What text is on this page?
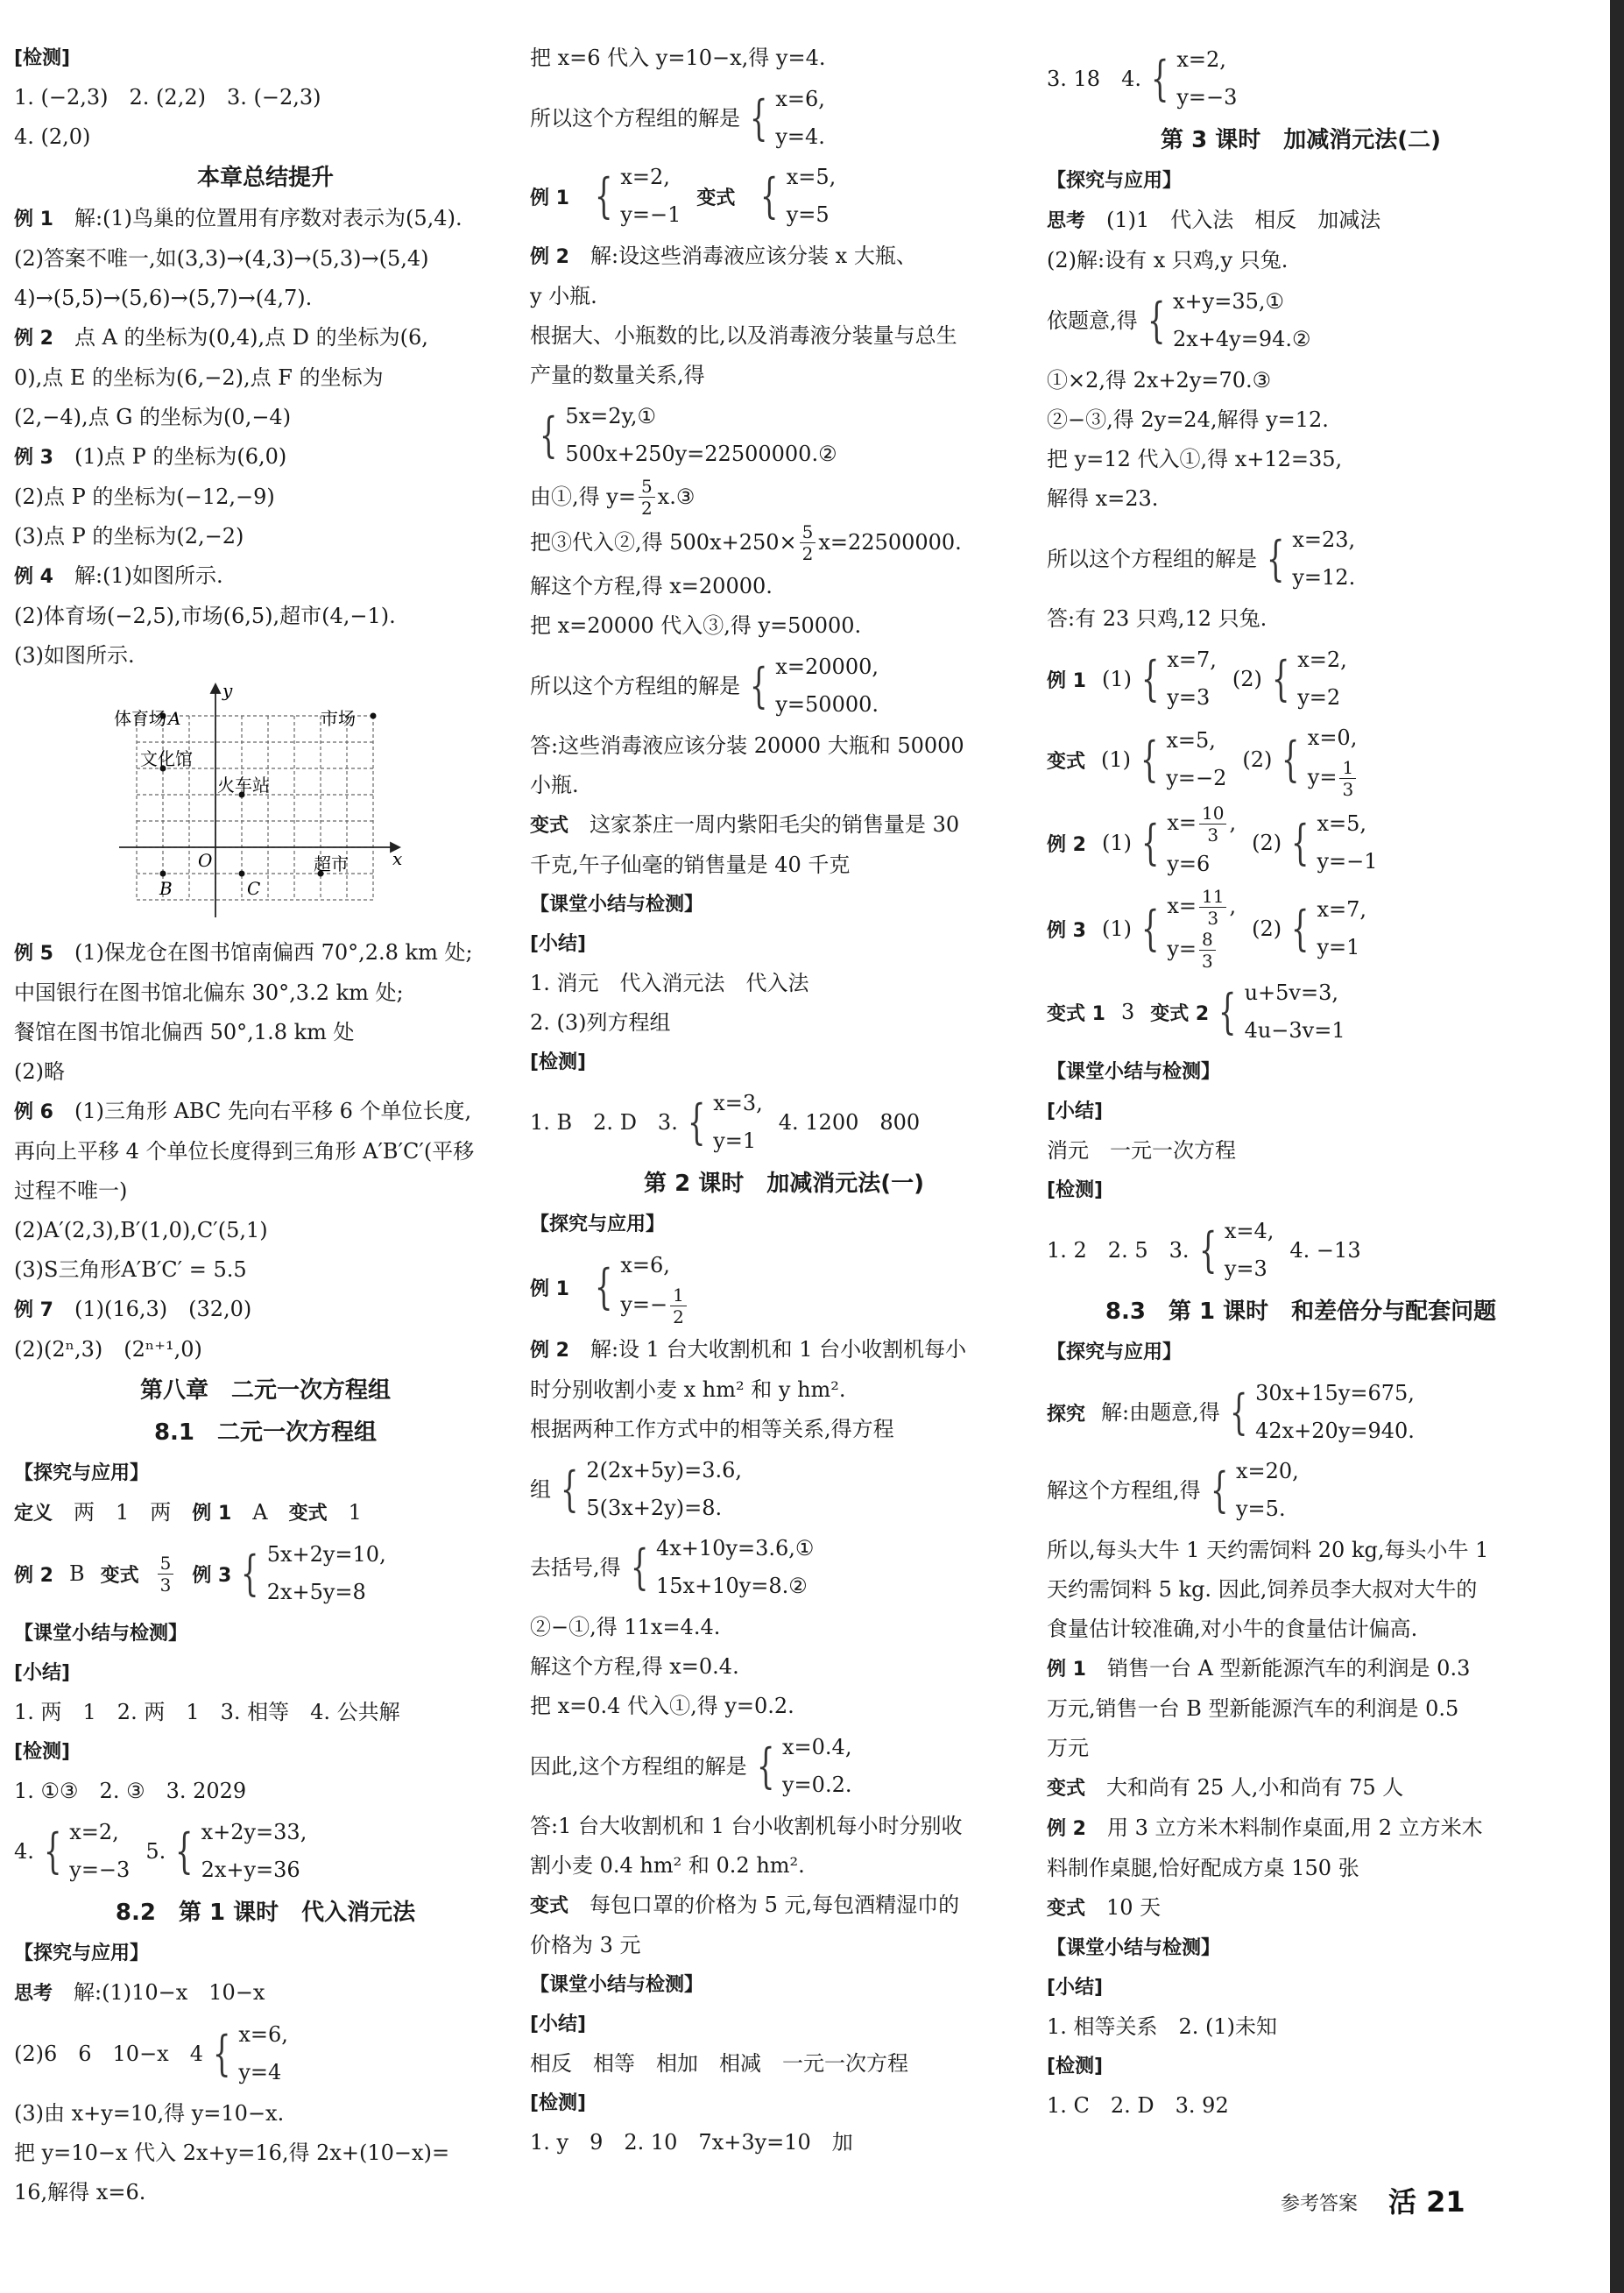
[检测]
1. (−2,3)　2. (2,2)　3. (−2,3)
4. (2,0)
本章总结提升
例 1　 解:(1)鸟巢的位置用有序数对表示为(5,4).
(2)答案不唯一,如(3,3)→(4,3)→(5,3)→(5,4)
4)→(5,5)→(5,6)→(5,7)→(4,7).
例 2　 点 A 的坐标为(0,4),点 D 的坐标为(6,
0),点 E 的坐标为(6,−2),点 F 的坐标为
(2,−4),点 G 的坐标为(0,−4)
例 3　 (1)点 P 的坐标为(6,0)
(2)点 P 的坐标为(−12,−9)
(3)点 P 的坐标为(2,−2)
例 4　 解:(1)如图所示.
(2)体育场(−2,5),市场(6,5),超市(4,−1).
(3)如图所示.
y
x
O
体育场 A	市场
文化馆
火车站
超市
B	C
例 5　 (1)保龙仓在图书馆南偏西 70°,2.8 km 处;
中国银行在图书馆北偏东 30°,3.2 km 处;
餐馆在图书馆北偏西 50°,1.8 km 处
(2)略
例 6　 (1)三角形 ABC 先向右平移 6 个单位长度,
再向上平移 4 个单位长度得到三角形 A′B′C′(平移
过程不唯一)
(2)A′(2,3),B′(1,0),C′(5,1)
(3)S三角形A′B′C′ = 5.5
例 7　 (1)(16,3)　(32,0)
(2)(2ⁿ,3)　(2ⁿ⁺¹,0)
第八章　二元一次方程组
8.1　二元一次方程组
【探究与应用】
定义　 两　1　两　 例 1　 A　 变式　 1
例 2 B 变式 $\frac{5}{3}$ 例 3 { 5x+2y=10,
2x+5y=8
【课堂小结与检测】
[小结]
1. 两　1　2. 两　1　3. 相等　4. 公共解
[检测]
1. ①③　2. ③　3. 2029
4. { x=2,
y=−3
5. { x+2y=33,
2x+y=36
8.2　第 1 课时　代入消元法
【探究与应用】
思考　 解:(1)10−x　10−x
(2)6　6　10−x　4 { x=6,
y=4
(3)由 x+y=10,得 y=10−x.
把 y=10−x 代入 2x+y=16,得 2x+(10−x)=
16,解得 x=6.
把 x=6 代入 y=10−x,得 y=4.
所以这个方程组的解是 { x=6,
y=4.
例 1 { x=2,
y=−1
变式 { x=5,
y=5
例 2　 解:设这些消毒液应该分装 x 大瓶、
y 小瓶.
根据大、小瓶数的比,以及消毒液分装量与总生
产量的数量关系,得
{ 5x=2y,①
500x+250y=22500000.②
由①,得 $y= \frac{5}{2}$ x.③
把③代入②,得 $500x+250\times \frac{5}{2} x=22500000$.
解这个方程,得 x=20000.
把 x=20000 代入③,得 y=50000.
所以这个方程组的解是 { x=20000,
y=50000.
答:这些消毒液应该分装 20000 大瓶和 50000
小瓶.
变式　 这家茶庄一周内紫阳毛尖的销售量是 30
千克,午子仙毫的销售量是 40 千克
【课堂小结与检测】
[小结]
1. 消元　代入消元法　代入法
2. (3)列方程组
[检测]
1. B　2. D　3. { x=3,
y=1
4. 1200　800
第 2 课时　加减消元法(一)
【探究与应用】
例 1 { x=6,
$y=- \frac{1}{2}$
例 2　 解:设 1 台大收割机和 1 台小收割机每小
时分别收割小麦 x hm² 和 y hm².
根据两种工作方式中的相等关系,得方程
组 { 2(2x+5y)=3.6,
5(3x+2y)=8.
去括号,得 { 4x+10y=3.6,①
15x+10y=8.②
②−①,得 11x=4.4.
解这个方程,得 x=0.4.
把 x=0.4 代入①,得 y=0.2.
因此,这个方程组的解是 { x=0.4,
y=0.2.
答:1 台大收割机和 1 台小收割机每小时分别收
割小麦 0.4 hm² 和 0.2 hm².
变式　 每包口罩的价格为 5 元,每包酒精湿巾的
价格为 3 元
【课堂小结与检测】
[小结]
相反　相等　相加　相减　一元一次方程
[检测]
1. y　9　2. 10　7x+3y=10　加
3. 18　4. { x=2,
y=−3
第 3 课时　加减消元法(二)
【探究与应用】
思考　 (1)1　代入法　相反　加减法
(2)解:设有 x 只鸡,y 只兔.
依题意,得 { x+y=35,①
2x+4y=94.②
①×2,得 2x+2y=70.③
②−③,得 2y=24,解得 y=12.
把 y=12 代入①,得 x+12=35,
解得 x=23.
所以这个方程组的解是 { x=23,
y=12.
答:有 23 只鸡,12 只兔.
例 1 (1) { x=7,
y=3
(2) { x=2,
y=2
变式 (1) { x=5,
y=−2
(2) { x=0,
$y= \frac{1}{3}$
例 2 (1) { $x= \frac{10}{3}$ ,
y=6
(2) { x=5,
y=−1
例 3 (1) { $x= \frac{11}{3}$ ,
$y= \frac{8}{3}$
(2) { x=7,
y=1
变式 1 3 变式 2 { u+5v=3,
4u−3v=1
【课堂小结与检测】
[小结]
消元　一元一次方程
[检测]
1. 2　2. 5　3. { x=4,
y=3
4. −13
8.3　第 1 课时　和差倍分与配套问题
【探究与应用】
探究 解:由题意,得 { 30x+15y=675,
42x+20y=940.
解这个方程组,得 { x=20,
y=5.
所以,每头大牛 1 天约需饲料 20 kg,每头小牛 1
天约需饲料 5 kg. 因此,饲养员李大叔对大牛的
食量估计较准确,对小牛的食量估计偏高.
例 1　 销售一台 A 型新能源汽车的利润是 0.3
万元,销售一台 B 型新能源汽车的利润是 0.5
万元
变式　 大和尚有 25 人,小和尚有 75 人
例 2　 用 3 立方米木料制作桌面,用 2 立方米木
料制作桌腿,恰好配成方桌 150 张
变式　 10 天
【课堂小结与检测】
[小结]
1. 相等关系　2. (1)未知
[检测]
1. C　2. D　3. 92
参考答案 活 21
